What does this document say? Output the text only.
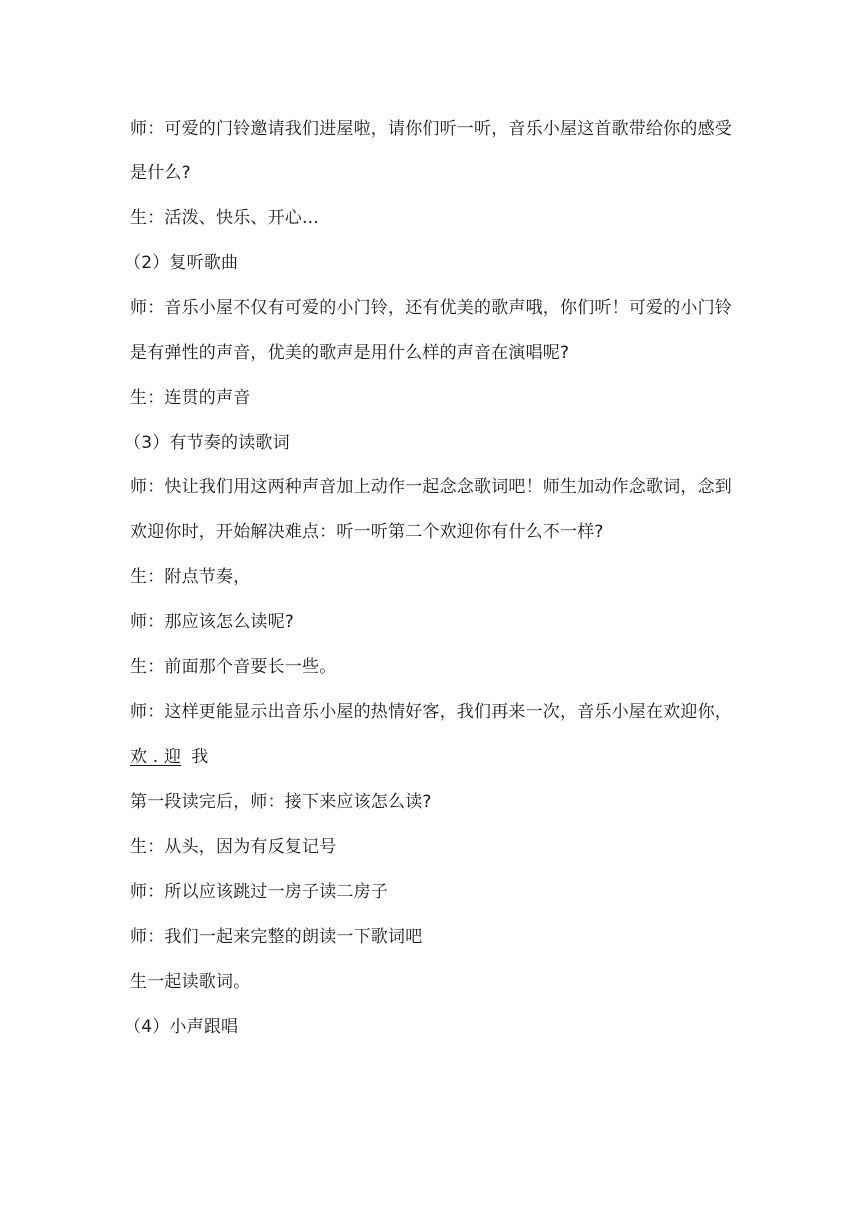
师：可爱的门铃邀请我们进屋啦，请你们听一听，音乐小屋这首歌带给你的感受
是什么?
生：活泼、快乐、开心...
（2）复听歌曲
师：音乐小屋不仅有可爱的小门铃，还有优美的歌声哦，你们听！可爱的小门铃
是有弹性的声音，优美的歌声是用什么样的声音在演唱呢?
生：连贯的声音
（3）有节奏的读歌词
师：快让我们用这两种声音加上动作一起念念歌词吧！师生加动作念歌词，念到
欢迎你时，开始解决难点：听一听第二个欢迎你有什么不一样?
生：附点节奏，
师：那应该怎么读呢?
生：前面那个音要长一些。
师：这样更能显示出音乐小屋的热情好客，我们再来一次，音乐小屋在欢迎你，
欢 . 迎 我
第一段读完后，师：接下来应该怎么读?
生：从头，因为有反复记号
师：所以应该跳过一房子读二房子
师：我们一起来完整的朗读一下歌词吧
生一起读歌词。
（4）小声跟唱
